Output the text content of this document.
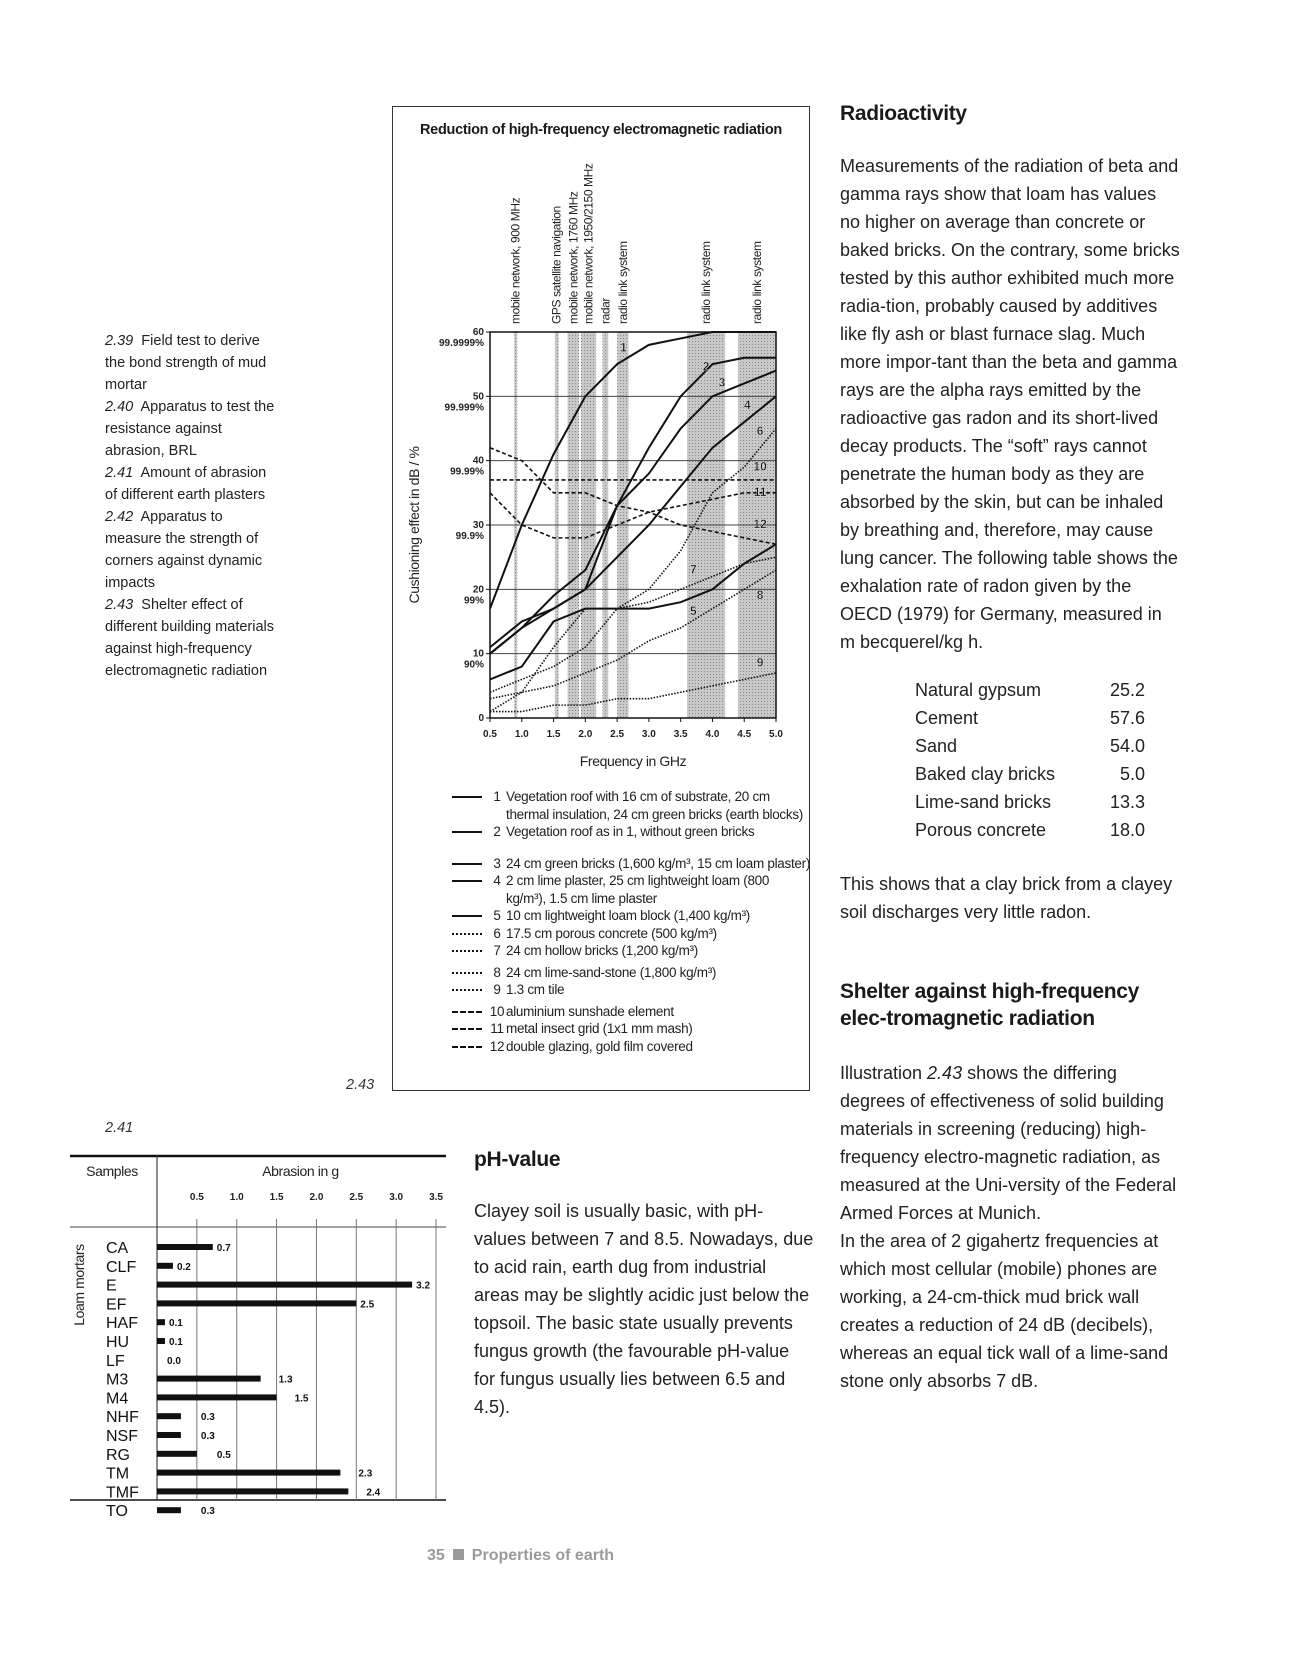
2.39 Field test to derive the bond strength of mud mortar
2.40 Apparatus to test the resistance against abrasion, BRL
2.41 Amount of abrasion of different earth plasters
2.42 Apparatus to measure the strength of corners against dynamic impacts
2.43 Shelter effect of different building materials against high-frequency electromagnetic radiation
Reduction of high-frequency electromagnetic radiation
mobile network, 900 MHz GPS satellite navigation mobile network, 1760 MHz mobile network, 1950/2150 MHz radar radio link system	radio link system	radio link system
0
10
90%
20
99%
30
99.9%
40
99.99%
50
99.999%
60
99.9999%
0.5 1.0 1.5 2.0 2.5 3.0 3.5 4.0 4.5 5.0
Frequency in GHz
Cushioning effect in dB / %
1
2
3
4
5
6
7
8
9
10
11
12
1 Vegetation roof with 16 cm of substrate, 20 cm thermal insulation, 24 cm green bricks (earth blocks)
2 Vegetation roof as in 1, without green bricks
3 24 cm green bricks (1,600 kg/m³, 15 cm loam plaster)
4 2 cm lime plaster, 25 cm lightweight loam (800 kg/m³), 1.5 cm lime plaster
5 10 cm lightweight loam block (1,400 kg/m³)
6 17.5 cm porous concrete (500 kg/m³)
7 24 cm hollow bricks (1,200 kg/m³)
8 24 cm lime-sand-stone (1,800 kg/m³)
9 1.3 cm tile
10 aluminium sunshade element
11 metal insect grid (1x1 mm mash)
12 double glazing, gold film covered
2.43
2.41
Samples	Abrasion in g
0.5	1.0	1.5	2.0	2.5	3.0	3.5
Loam mortars CA	0.7
CLF	0.2
E	3.2
EF	2.5
HAF	0.1
HU	0.1
LF	0.0
M3	1.3
M4	1.5
NHF	0.3
NSF	0.3
RG	0.5
TM	2.3
TMF	2.4
TO	0.3
pH-value

Clayey soil is usually basic, with pH-values between 7 and 8.5. Nowadays, due to acid rain, earth dug from industrial areas may be slightly acidic just below the topsoil. The basic state usually prevents fungus growth (the favourable pH-value for fungus usually lies between 6.5 and 4.5).

Radioactivity

Measurements of the radiation of beta and gamma rays show that loam has values no higher on average than concrete or baked bricks. On the contrary, some bricks tested by this author exhibited much more radia-tion, probably caused by additives like fly ash or blast furnace slag. Much more impor-tant than the beta and gamma rays are the alpha rays emitted by the radioactive gas radon and its short-lived decay products. The “soft” rays cannot penetrate the human body as they are absorbed by the skin, but can be inhaled by breathing and, therefore, may cause lung cancer. The following table shows the exhalation rate of radon given by the OECD (1979) for Germany, measured in m becquerel/kg h.

Natural gypsum	25.2
Cement	57.6
Sand	54.0
Baked clay bricks	5.0
Lime-sand bricks	13.3
Porous concrete	18.0

This shows that a clay brick from a clayey soil discharges very little radon.

Shelter against high-frequency elec-tromagnetic radiation

Illustration 2.43 shows the differing degrees of effectiveness of solid building materials in screening (reducing) high-frequency electro-magnetic radiation, as measured at the Uni-versity of the Federal Armed Forces at Munich.

In the area of 2 gigahertz frequencies at which most cellular (mobile) phones are working, a 24-cm-thick mud brick wall creates a reduction of 24 dB (decibels), whereas an equal tick wall of a lime-sand stone only absorbs 7 dB.

35 Properties of earth
